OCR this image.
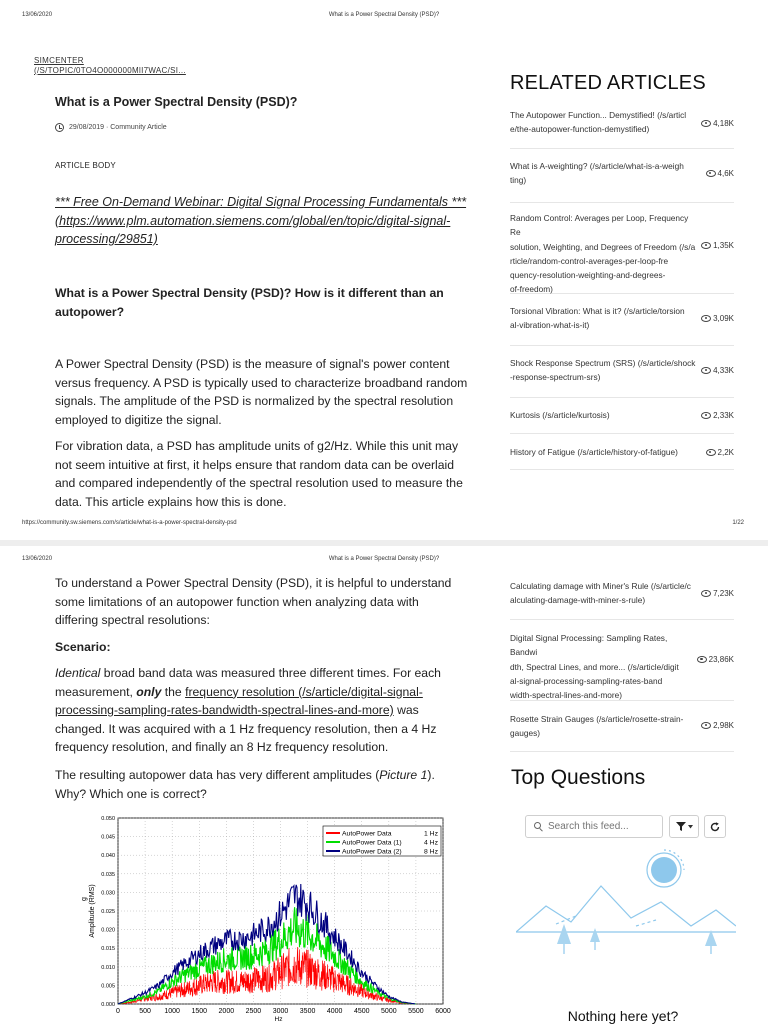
13/06/2020	What is a Power Spectral Density (PSD)?
SIMCENTER
(/S/TOPIC/0TO4O000000MlI7WAC/SI...
What is a Power Spectral Density (PSD)?
29/08/2019 · Community Article
ARTICLE BODY
*** Free On-Demand Webinar: Digital Signal Processing Fundamentals ***
(https://www.plm.automation.siemens.com/global/en/topic/digital-signal-
processing/29851)
What is a Power Spectral Density (PSD)? How is it different than an
autopower?
A Power Spectral Density (PSD) is the measure of signal's power content
versus frequency. A PSD is typically used to characterize broadband random
signals. The amplitude of the PSD is normalized by the spectral resolution
employed to digitize the signal.
For vibration data, a PSD has amplitude units of g2/Hz. While this unit may
not seem intuitive at first, it helps ensure that random data can be overlaid
and compared independently of the spectral resolution used to measure the
data. This article explains how this is done.
RELATED ARTICLES
The Autopower Function... Demystified! (/s/articl
e/the-autopower-function-demystified)
4,18K
What is A-weighting? (/s/article/what-is-a-weigh
ting)
4,6K
Random Control: Averages per Loop, Frequency Re
solution, Weighting, and Degrees of Freedom (/s/a
rticle/random-control-averages-per-loop-fre
quency-resolution-weighting-and-degrees-
of-freedom)
1,35K
Torsional Vibration: What is it? (/s/article/torsion
al-vibration-what-is-it)
3,09K
Shock Response Spectrum (SRS) (/s/article/shock
-response-spectrum-srs)
4,33K
Kurtosis (/s/article/kurtosis)	2,33K
History of Fatigue (/s/article/history-of-fatigue)	2,2K
https://community.sw.siemens.com/s/article/what-is-a-power-spectral-density-psd	1/22
13/06/2020	What is a Power Spectral Density (PSD)?
To understand a Power Spectral Density (PSD), it is helpful to understand
some limitations of an autopower function when analyzing data with
differing spectral resolutions:
Scenario:
Identical broad band data was measured three different times. For each
measurement, only the frequency resolution (/s/article/digital-signal-
processing-sampling-rates-bandwidth-spectral-lines-and-more) was
changed. It was acquired with a 1 Hz frequency resolution, then a 4 Hz
frequency resolution, and finally an 8 Hz frequency resolution.
The resulting autopower data has very different amplitudes (Picture 1).
Why? Which one is correct?
0.000
0.005
0.010
0.015
0.020
0.025
0.030
0.035
0.040
0.045
0.050
0	500 1000 1500 2000 2500 3000 3500 4000 4500 5000 5500 6000
Hz
Amplitude (RMS)
g
AutoPower Data	1 Hz
AutoPower Data (1)	4 Hz
AutoPower Data (2)	8 Hz
Calculating damage with Miner's Rule (/s/article/c
alculating-damage-with-miner-s-rule)
7,23K
Digital Signal Processing: Sampling Rates, Bandwi
dth, Spectral Lines, and more... (/s/article/digit
al-signal-processing-sampling-rates-band
width-spectral-lines-and-more)
23,86K
Rosette Strain Gauges (/s/article/rosette-strain-
gauges)
2,98K
Top Questions
Search this feed...
Nothing here yet?
